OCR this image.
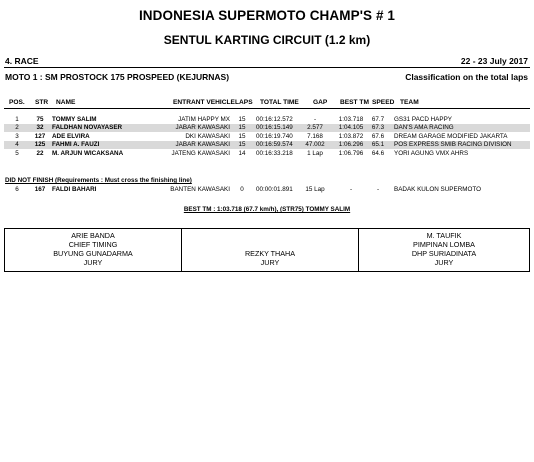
INDONESIA SUPERMOTO CHAMP'S # 1
SENTUL KARTING CIRCUIT (1.2 km)
4. RACE	22 - 23 July 2017
MOTO 1 : SM PROSTOCK 175 PROSPEED (KEJURNAS)	Classification on the total laps
POS. STR NAME	ENTRANT VEHICLE LAPS TOTAL TIME GAP BEST TM SPEED TEAM
1	75	TOMMY SALIM	JATIM HAPPY MX	15	00:16:12.572	-	1:03.718	67.7	GS31 PACD HAPPY
2	32	FALDHAN NOVAYASER	JABAR KAWASAKI	15	00:16:15.149	2.577	1:04.105	67.3	DAN'S AMA RACING
3	127	ADE ELVIRA	DKI KAWASAKI	15	00:16:19.740	7.168	1:03.872	67.6	DREAM GARAGE MODIFIED JAKARTA
4	125	FAHMI A. FAUZI	JABAR KAWASAKI	15	00:16:59.574	47.002	1:06.296	65.1	POS EXPRESS SMIB RACING DIVISION
5	22	M. ARJUN WICAKSANA	JATENG KAWASAKI	14	00:16:33.218	1 Lap	1:06.796	64.6	YORI AGUNG VMX AHRS
6	167	FALDI BAHARI	BANTEN KAWASAKI	0	00:00:01.891	15 Lap	-	-	BADAK KULON SUPERMOTO
DID NOT FINISH (Requirements : Must cross the finishing line)
BEST TM : 1:03.718 (67.7 km/h), (STR75) TOMMY SALIM
ARIE BANDA
CHIEF TIMING
BUYUNG GUNADARMA
JURY
REZKY THAHA
JURY
M. TAUFIK
PIMPINAN LOMBA
DHP SURIADINATA
JURY
